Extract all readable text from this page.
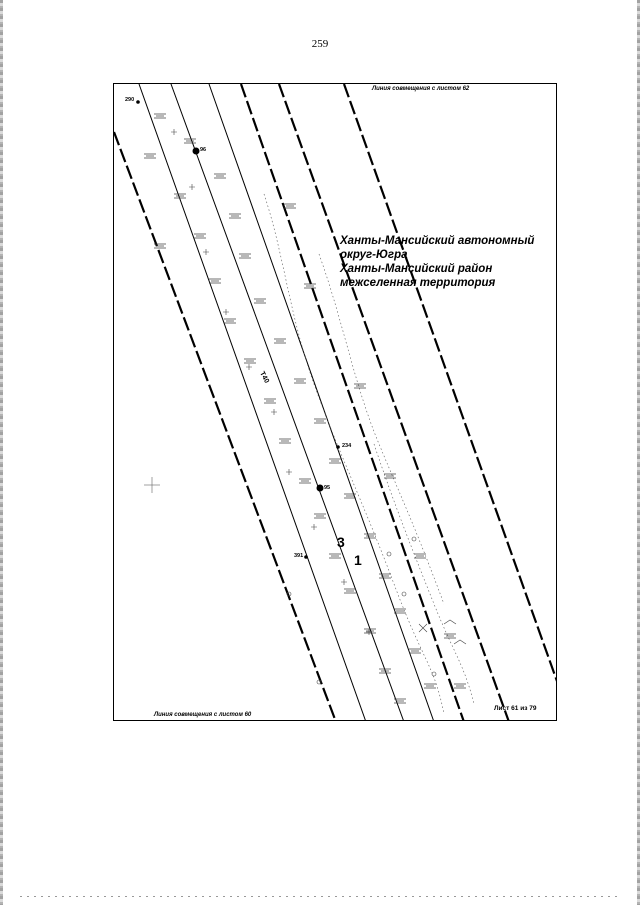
259
Линия совмещения с листом 62
Линия совмещения с листом 60
Лист 61 из 79
Ханты-Мансийский автономный
округ-Югра
Ханты-Мансийский район
межселенная территория
96
95
290
234
391
3
1
Т40
